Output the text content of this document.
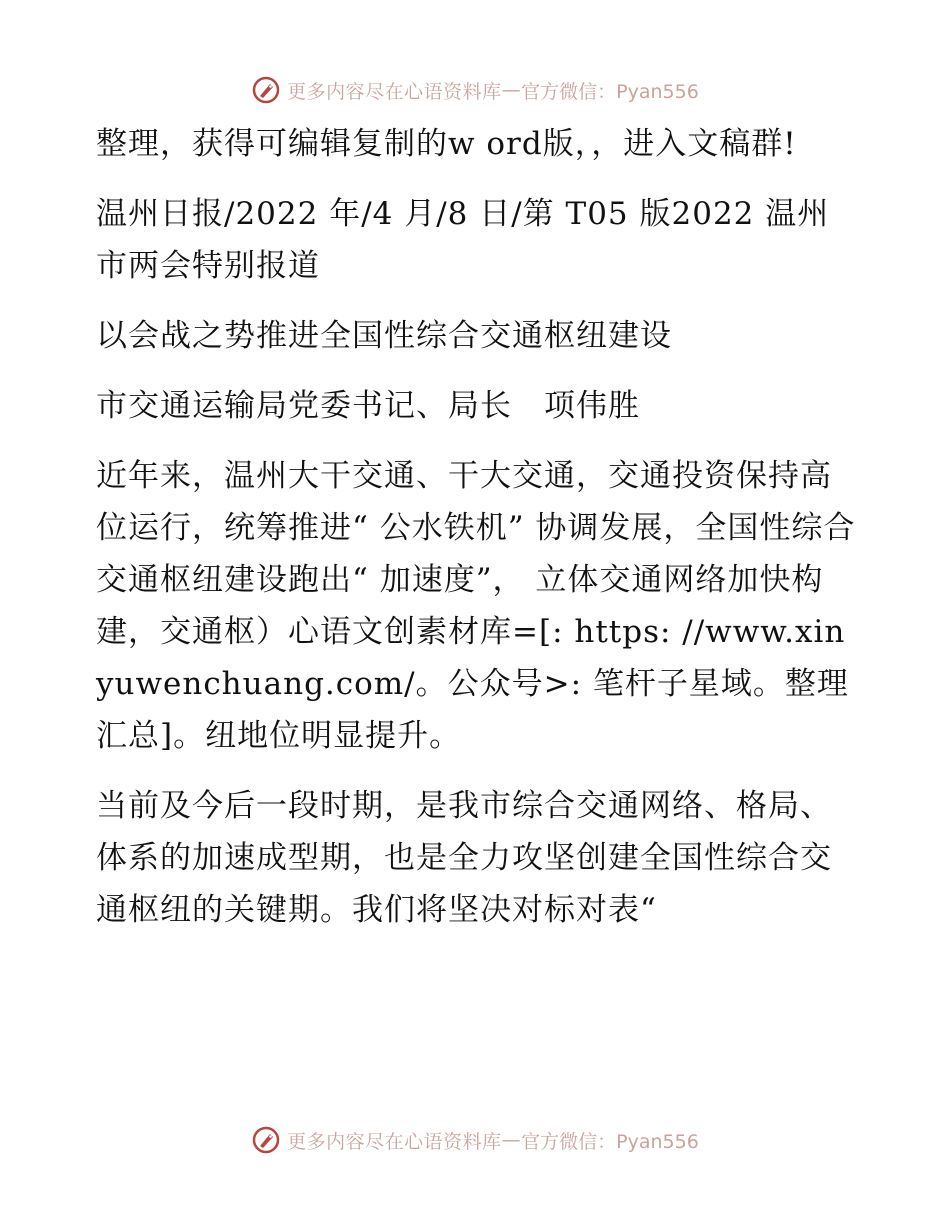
更多内容尽在心语资料库 — 官方微信：Pyan556

整理，获得可编辑复制的w ord版，，进入文稿群!

温州日报/2022 年/4 月/8 日/第 T05 版2022 温州市两会特别报道

以会战之势推进全国性综合交通枢纽建设

市交通运输局党委书记、局长　项伟胜

近年来，温州大干交通、干大交通，交通投资保持高位运行，统筹推进“ 公水铁机” 协调发展，全国性综合交通枢纽建设跑出“ 加速度”， 立体交通网络加快构建，交通枢）心语文创素材库=[: https: //www.xinyuwenchuang.com/。公众号>: 笔杆子星域。整理汇总]。纽地位明显提升。

当前及今后一段时期，是我市综合交通网络、格局、体系的加速成型期，也是全力攻坚创建全国性综合交通枢纽的关键期。我们将坚决对标对表“

更多内容尽在心语资料库 — 官方微信：Pyan556
